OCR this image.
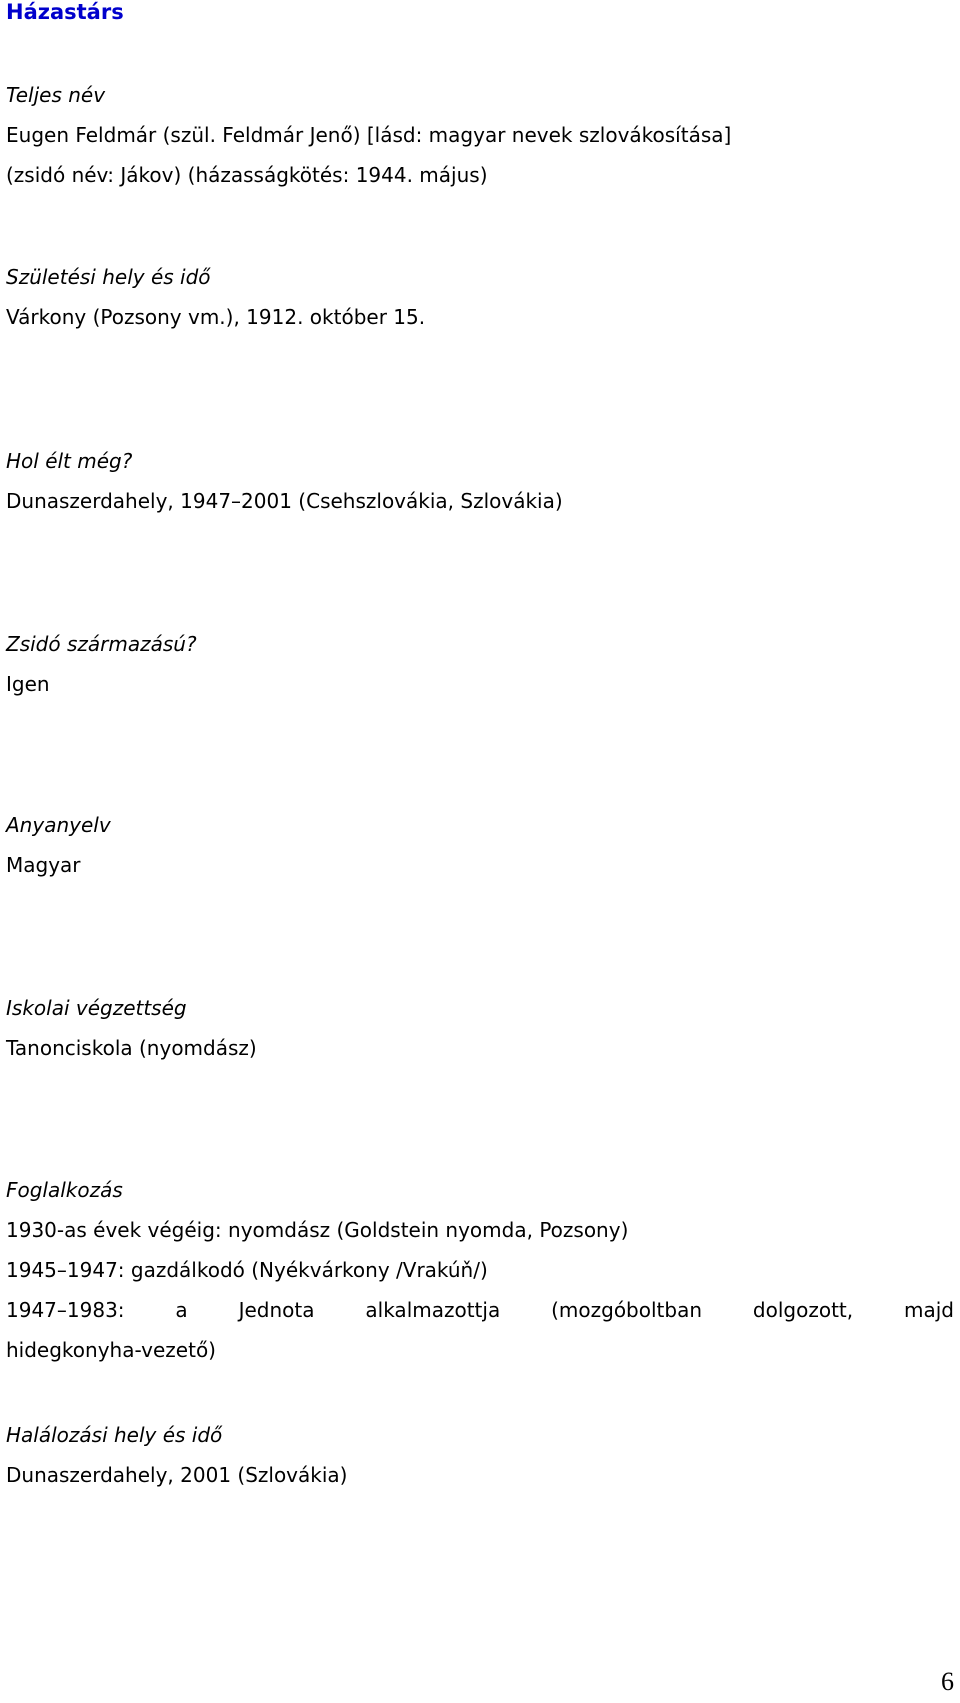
Házastárs

Teljes név

Eugen Feldmár (szül. Feldmár Jenő) [lásd: magyar nevek szlovákosítása]

(zsidó név: Jákov) (házasságkötés: 1944. május)

Születési hely és idő

Várkony (Pozsony vm.), 1912. október 15.

Hol élt még?

Dunaszerdahely, 1947–2001 (Csehszlovákia, Szlovákia)

Zsidó származású?

Igen

Anyanyelv

Magyar

Iskolai végzettség

Tanonciskola (nyomdász)

Foglalkozás

1930-as évek végéig: nyomdász (Goldstein nyomda, Pozsony)

1945–1947: gazdálkodó (Nyékvárkony /Vrakúň/)

1947–1983: a Jednota alkalmazottja (mozgóboltban dolgozott, majd

hidegkonyha-vezető)

Halálozási hely és idő

Dunaszerdahely, 2001 (Szlovákia)

6
